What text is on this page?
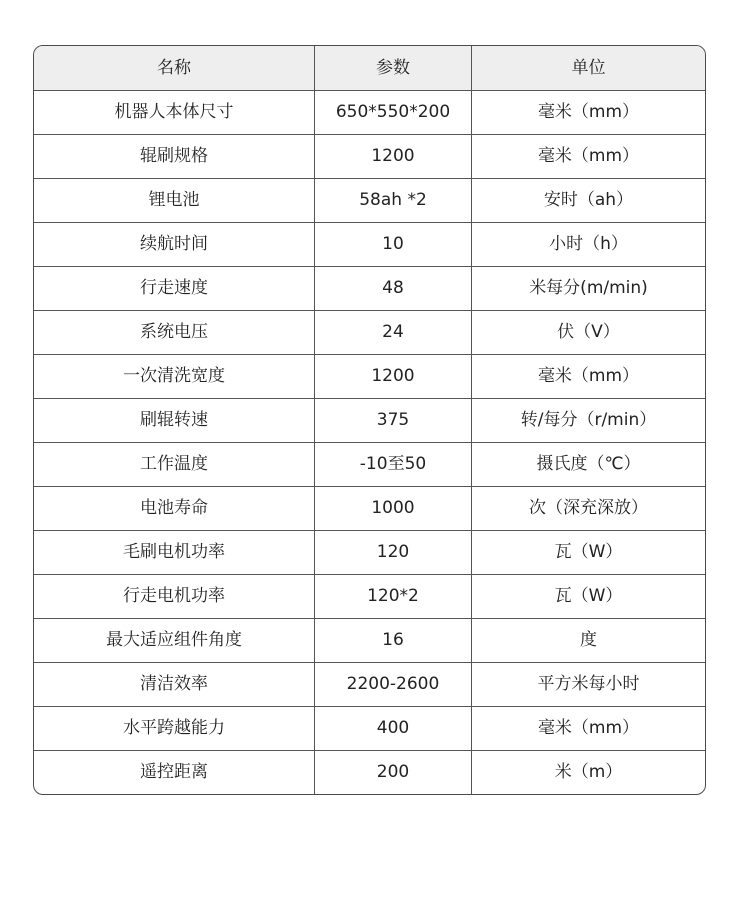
名称	参数	单位
机器人本体尺寸	650*550*200	毫米（mm）
辊刷规格	1200	毫米（mm）
锂电池	58ah *2	安时（ah）
续航时间	10	小时（h）
行走速度	48	米每分(m/min)
系统电压	24	伏（V）
一次清洗宽度	1200	毫米（mm）
刷辊转速	375	转/每分（r/min）
工作温度	-10至50	摄氏度（℃）
电池寿命	1000	次（深充深放）
毛刷电机功率	120	瓦（W）
行走电机功率	120*2	瓦（W）
最大适应组件角度	16	度
清洁效率	2200-2600	平方米每小时
水平跨越能力	400	毫米（mm）
遥控距离	200	米（m）
